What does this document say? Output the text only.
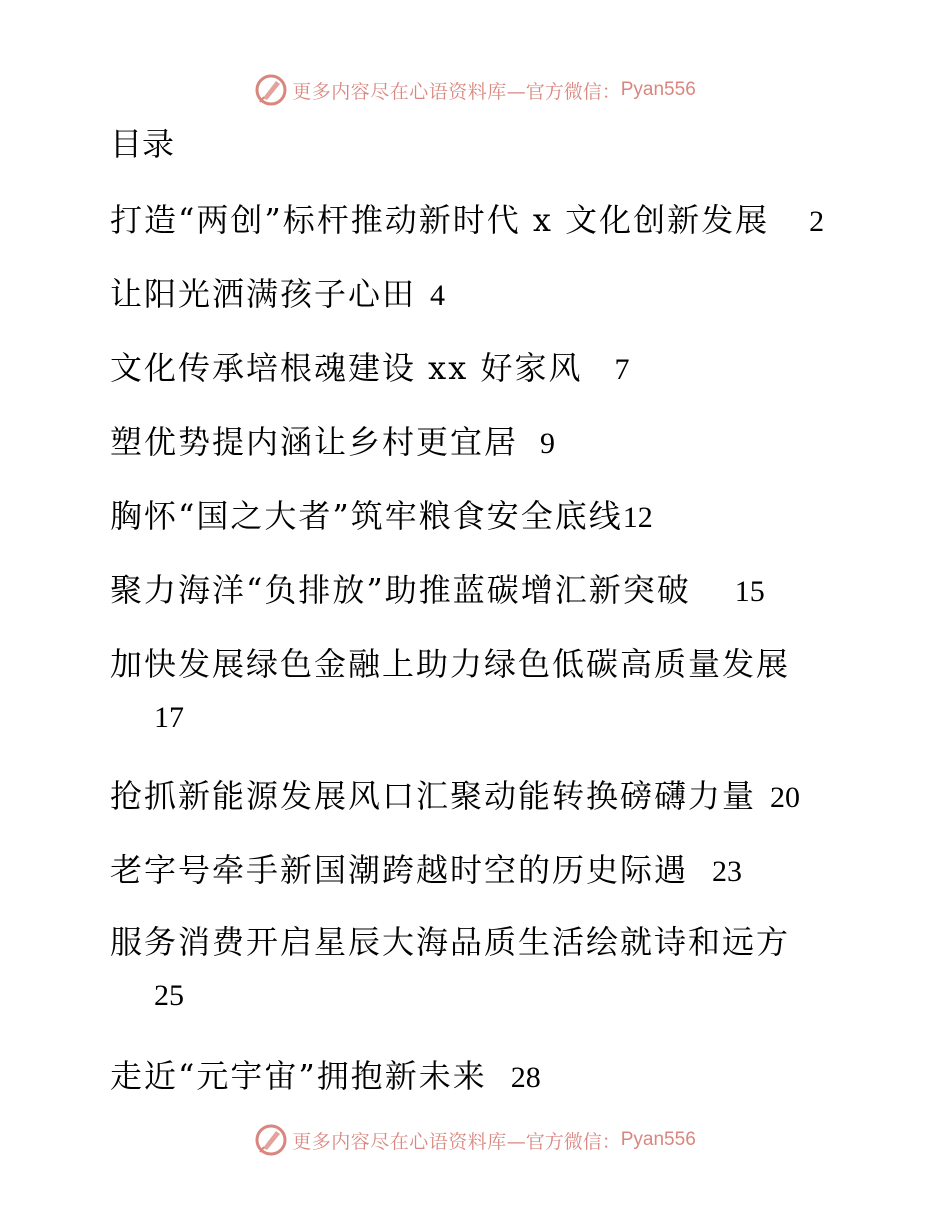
更多内容尽在心语资料库 —官方微信： Pyan556
目录
打造“两创”标杆推动新时代 x 文化创新发展 2
让阳光洒满孩子心田 4
文化传承培根魂建设 xx 好家风 7
塑优势提内涵让乡村更宜居 9
胸怀“国之大者”筑牢粮食安全底线12
聚力海洋“负排放”助推蓝碳增汇新突破 15
加快发展绿色金融上助力绿色低碳高质量发展
17
抢抓新能源发展风口汇聚动能转换磅礴力量 20
老字号牵手新国潮跨越时空的历史际遇 23
服务消费开启星辰大海品质生活绘就诗和远方
25
走近“元宇宙”拥抱新未来 28
更多内容尽在心语资料库 —官方微信： Pyan556
